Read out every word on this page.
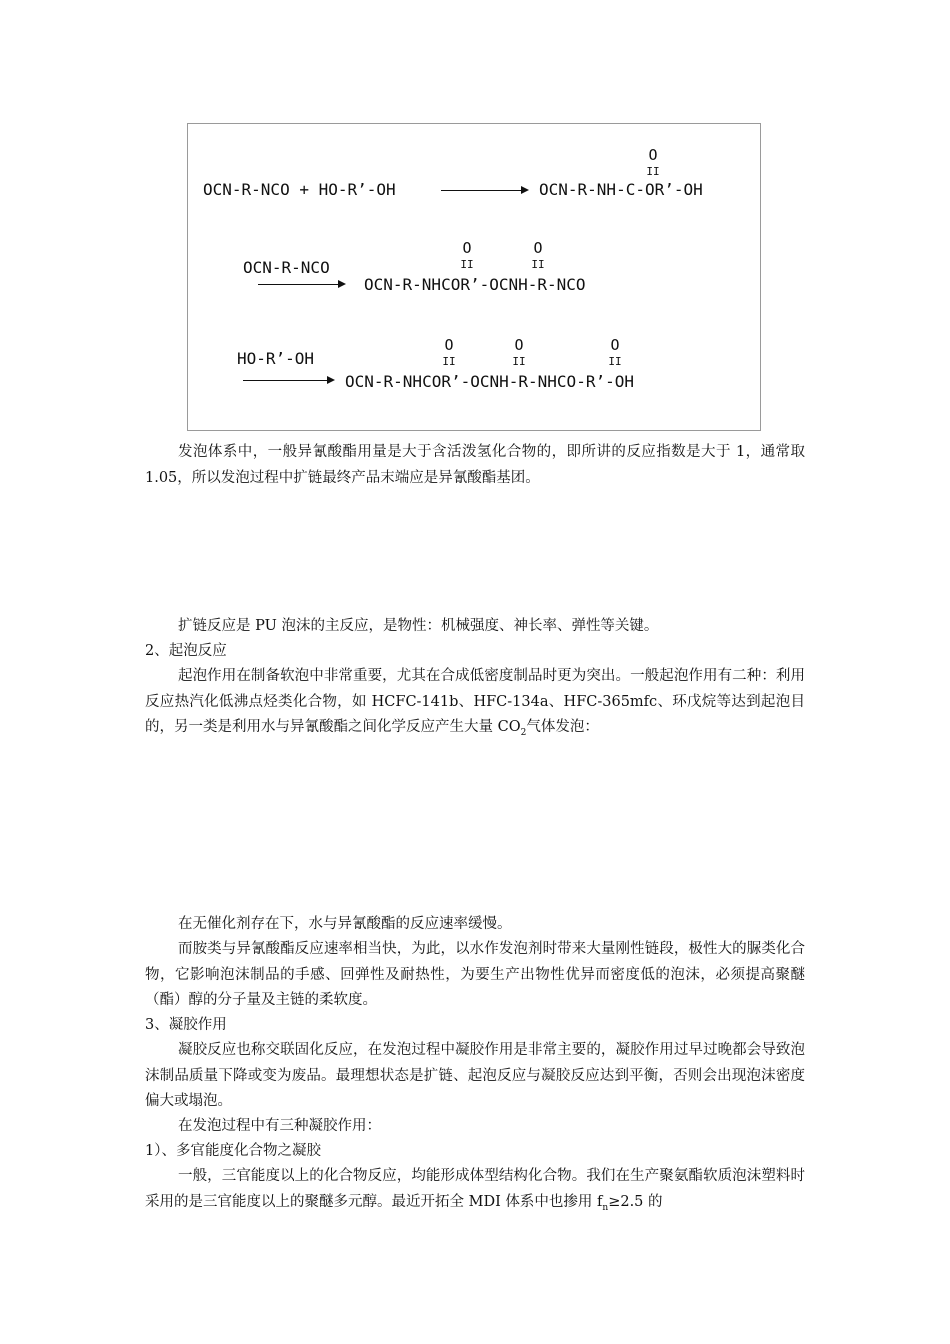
OCN-R-NCO + HO-R’-OH	OCN-R-NH-C-OR’-OH
O
II
OCN-R-NCO
OCN-R-NHCOR’-OCNH-R-NCO
O
II
O
II
HO-R’-OH
OCN-R-NHCOR’-OCNH-R-NHCO-R’-OH
O
II
O
II
O
II

发泡体系中，一般异氰酸酯用量是大于含活泼氢化合物的，即所讲的反应指数是大于 1，通常取 1.05，所以发泡过程中扩链最终产品末端应是异氰酸酯基团。

扩链反应是 PU 泡沫的主反应，是物性：机械强度、神长率、弹性等关键。

2、起泡反应

起泡作用在制备软泡中非常重要，尤其在合成低密度制品时更为突出。一般起泡作用有二种：利用反应热汽化低沸点烃类化合物，如 HCFC-141b、HFC-134a、HFC-365mfc、环戊烷等达到起泡目的，另一类是利用水与异氰酸酯之间化学反应产生大量 $CO_2$气体发泡：

在无催化剂存在下，水与异氰酸酯的反应速率缓慢。

而胺类与异氰酸酯反应速率相当快，为此，以水作发泡剂时带来大量刚性链段，极性大的脲类化合物，它影响泡沫制品的手感、回弹性及耐热性，为要生产出物性优异而密度低的泡沫，必须提高聚醚（酯）醇的分子量及主链的柔软度。

3、凝胶作用

凝胶反应也称交联固化反应，在发泡过程中凝胶作用是非常主要的，凝胶作用过早过晚都会导致泡沫制品质量下降或变为废品。最理想状态是扩链、起泡反应与凝胶反应达到平衡，否则会出现泡沫密度偏大或塌泡。

在发泡过程中有三种凝胶作用：

1）、多官能度化合物之凝胶

一般，三官能度以上的化合物反应，均能形成体型结构化合物。我们在生产聚氨酯软质泡沫塑料时采用的是三官能度以上的聚醚多元醇。最近开拓全 MDI 体系中也掺用 $f_n\ge 2.5$ 的
